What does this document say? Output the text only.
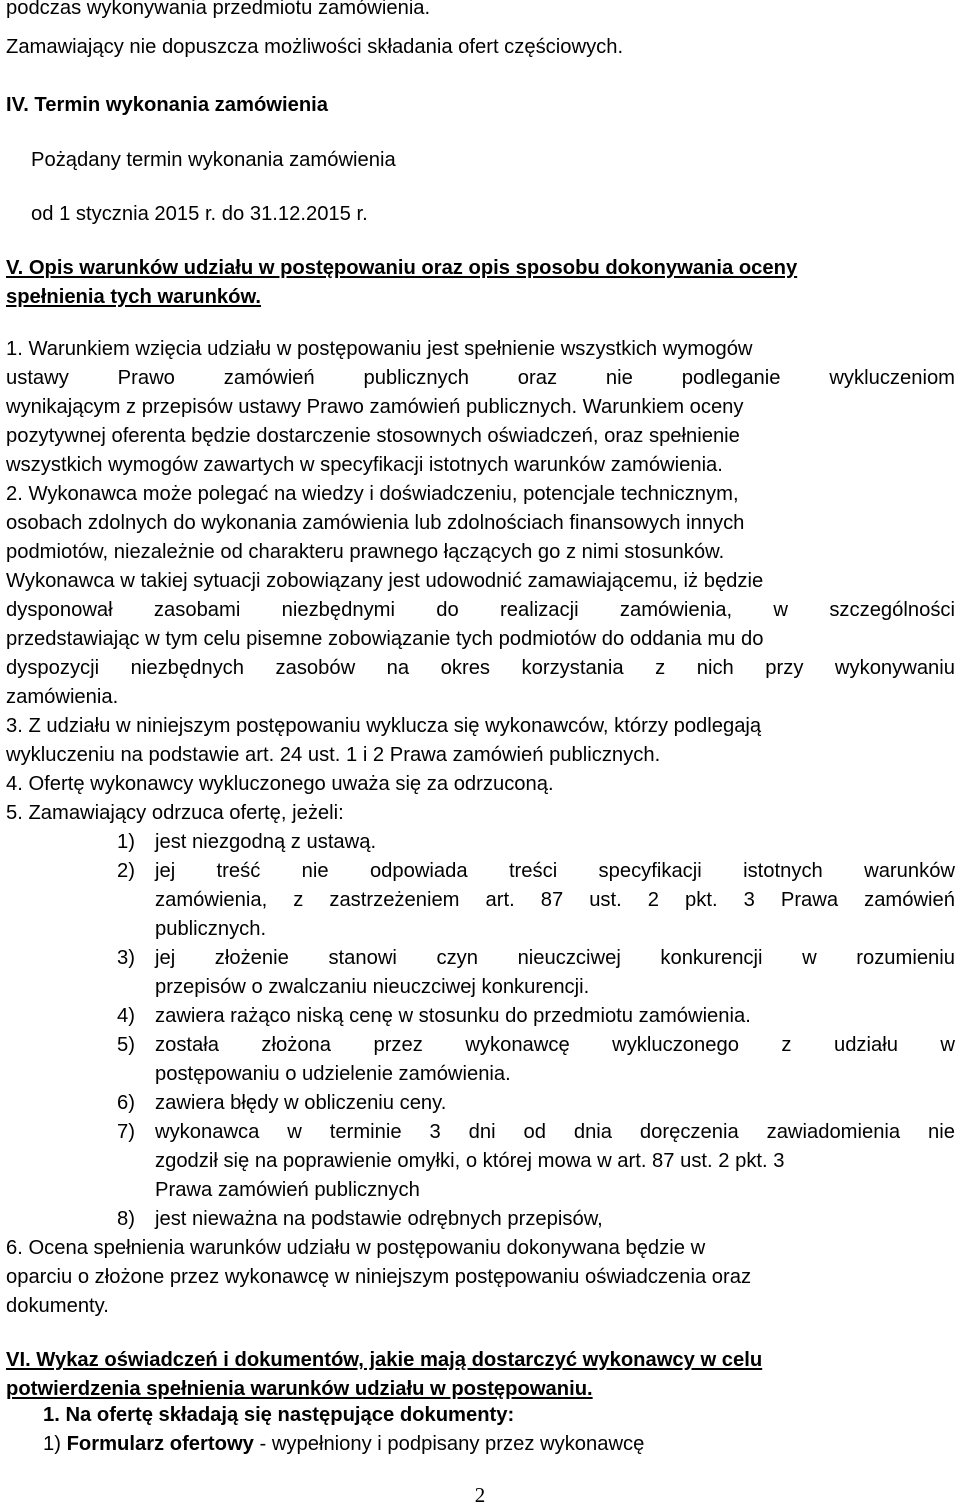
podczas wykonywania przedmiotu zamówienia.
Zamawiający nie dopuszcza możliwości składania ofert częściowych.
IV. Termin wykonania zamówienia
Pożądany termin wykonania zamówienia
od 1 stycznia 2015 r. do 31.12.2015 r.
V. Opis warunków udziału w postępowaniu oraz opis sposobu dokonywania oceny
spełnienia tych warunków.
1. Warunkiem wzięcia udziału w postępowaniu jest spełnienie wszystkich wymogów
ustawy Prawo zamówień publicznych oraz nie podleganie wykluczeniom
wynikającym z przepisów ustawy Prawo zamówień publicznych. Warunkiem oceny
pozytywnej oferenta będzie dostarczenie stosownych oświadczeń, oraz spełnienie
wszystkich wymogów zawartych w specyfikacji istotnych warunków zamówienia.
2. Wykonawca może polegać na wiedzy i doświadczeniu, potencjale technicznym,
osobach zdolnych do wykonania zamówienia lub zdolnościach finansowych innych
podmiotów, niezależnie od charakteru prawnego łączących go z nimi stosunków.
Wykonawca w takiej sytuacji zobowiązany jest udowodnić zamawiającemu, iż będzie
dysponował zasobami niezbędnymi do realizacji zamówienia, w szczególności
przedstawiając w tym celu pisemne zobowiązanie tych podmiotów do oddania mu do
dyspozycji niezbędnych zasobów na okres korzystania z nich przy wykonywaniu
zamówienia.
3. Z udziału w niniejszym postępowaniu wyklucza się wykonawców, którzy podlegają
wykluczeniu na podstawie art. 24 ust. 1 i 2 Prawa zamówień publicznych.
4. Ofertę wykonawcy wykluczonego uważa się za odrzuconą.
5. Zamawiający odrzuca ofertę, jeżeli:
1) jest niezgodną z ustawą.
2) jej treść nie odpowiada treści specyfikacji istotnych warunków
zamówienia, z zastrzeżeniem art. 87 ust. 2 pkt. 3 Prawa zamówień
publicznych.
3) jej złożenie stanowi czyn nieuczciwej konkurencji w rozumieniu
przepisów o zwalczaniu nieuczciwej konkurencji.
4) zawiera rażąco niską cenę w stosunku do przedmiotu zamówienia.
5) została złożona przez wykonawcę wykluczonego z udziału w
postępowaniu o udzielenie zamówienia.
6) zawiera błędy w obliczeniu ceny.
7) wykonawca w terminie 3 dni od dnia doręczenia zawiadomienia nie
zgodził się na poprawienie omyłki, o której mowa w art. 87 ust. 2 pkt. 3
Prawa zamówień publicznych
8) jest nieważna na podstawie odrębnych przepisów,
6. Ocena spełnienia warunków udziału w postępowaniu dokonywana będzie w
oparciu o złożone przez wykonawcę w niniejszym postępowaniu oświadczenia oraz
dokumenty.
VI. Wykaz oświadczeń i dokumentów, jakie mają dostarczyć wykonawcy w celu
potwierdzenia spełnienia warunków udziału w postępowaniu.
1. Na ofertę składają się następujące dokumenty:
1) Formularz ofertowy - wypełniony i podpisany przez wykonawcę
2
